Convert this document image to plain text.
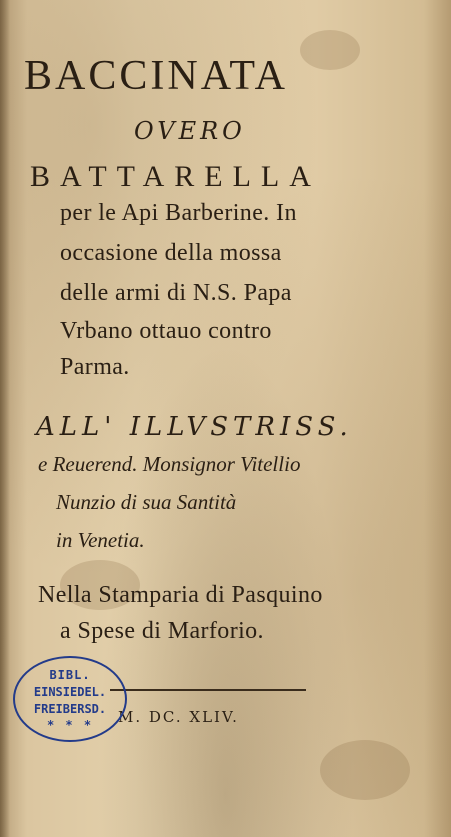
BACCINATA
OVERO
BATTARELLA
per le Api Barberine. In
occasione della mossa
delle armi di N.S. Papa
Vrbano ottauo contro
Parma.
ALL' ILLVSTRISS.
e Reuerend. Monsignor Vitellio
Nunzio di sua Santità
in Venetia.
Nella Stamparia di Pasquino
a Spese di Marforio.
M. DC. XLIV.
BIBL.
EINSIEDEL.
FREIBERSD.
* * *
